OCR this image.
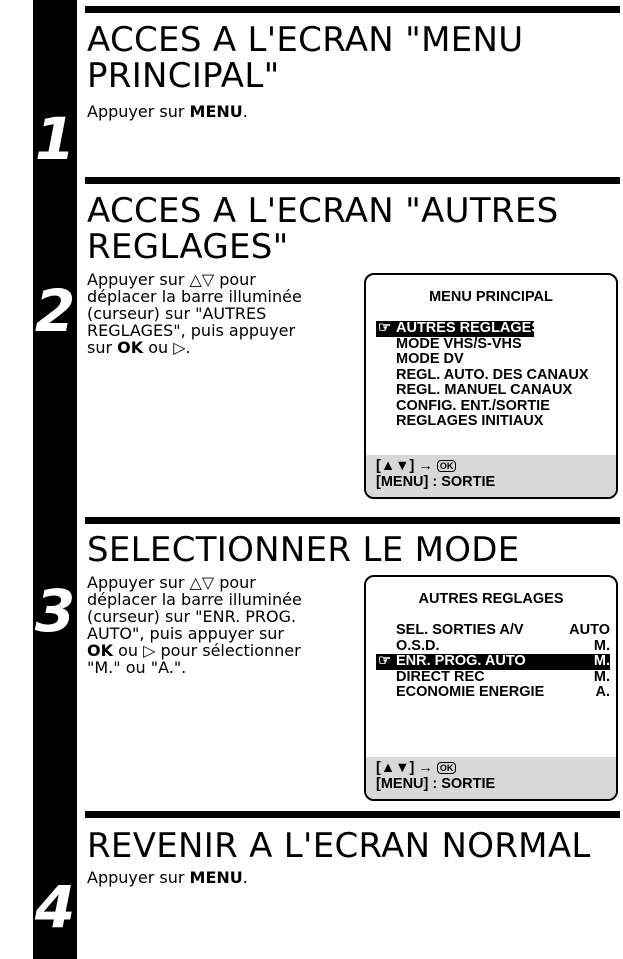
ACCES A L'ECRAN "MENU PRINCIPAL"
Appuyer sur MENU.
1
ACCES A L'ECRAN "AUTRES REGLAGES"
Appuyer sur △▽ pour déplacer la barre illuminée (curseur) sur "AUTRES REGLAGES", puis appuyer sur OK ou ▷.
2	MENU PRINCIPAL
☞ AUTRES REGLAGES
MODE VHS/S-VHS
MODE DV
REGL. AUTO. DES CANAUX
REGL. MANUEL CANAUX
CONFIG. ENT./SORTIE
REGLAGES INITIAUX
[▲▼] → OK
[MENU] : SORTIE
SELECTIONNER LE MODE
Appuyer sur △▽ pour déplacer la barre illuminée (curseur) sur "ENR. PROG. AUTO", puis appuyer sur OK ou ▷ pour sélectionner "M." ou "A.".
3	AUTRES REGLAGES
SEL. SORTIES A/V	AUTO
O.S.D.	M.
☞ ENR. PROG. AUTO	M.
DIRECT REC	M.
ECONOMIE ENERGIE	A.
[▲▼] → OK
[MENU] : SORTIE
REVENIR A L'ECRAN NORMAL
Appuyer sur MENU.
4
